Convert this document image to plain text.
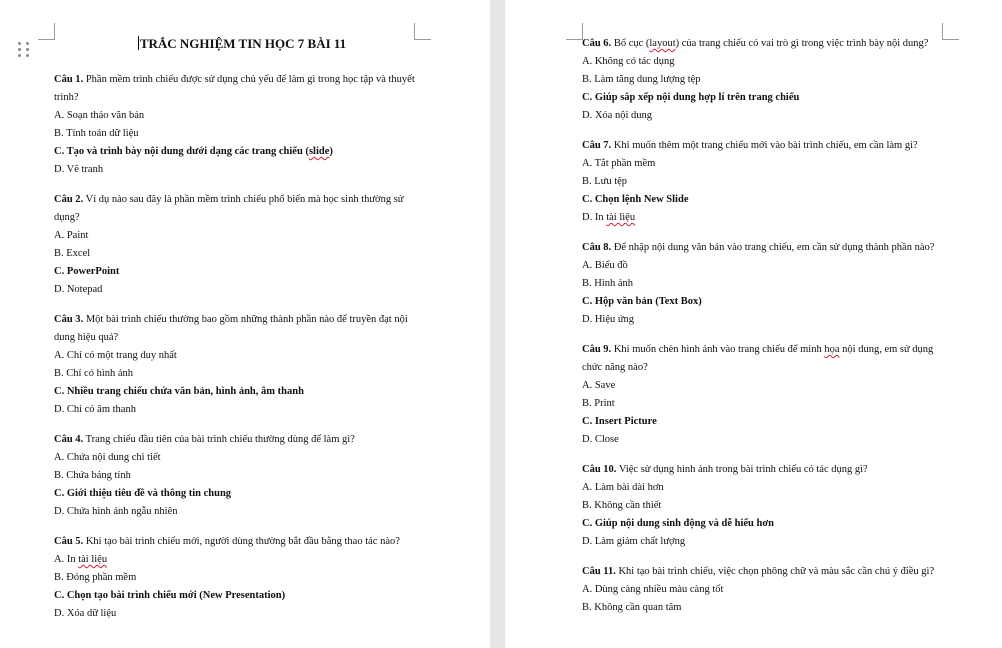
TRẮC NGHIỆM TIN HỌC 7 BÀI 11
Câu 1. Phần mềm trình chiếu được sử dụng chủ yếu để làm gì trong học tập và thuyết trình?
A. Soạn thảo văn bản
B. Tính toán dữ liệu
C. Tạo và trình bày nội dung dưới dạng các trang chiếu (slide)
D. Vẽ tranh
Câu 2. Ví dụ nào sau đây là phần mềm trình chiếu phổ biến mà học sinh thường sử dụng?
A. Paint
B. Excel
C. PowerPoint
D. Notepad
Câu 3. Một bài trình chiếu thường bao gồm những thành phần nào để truyền đạt nội dung hiệu quả?
A. Chỉ có một trang duy nhất
B. Chỉ có hình ảnh
C. Nhiều trang chiếu chứa văn bản, hình ảnh, âm thanh
D. Chỉ có âm thanh
Câu 4. Trang chiếu đầu tiên của bài trình chiếu thường dùng để làm gì?
A. Chứa nội dung chi tiết
B. Chứa bảng tính
C. Giới thiệu tiêu đề và thông tin chung
D. Chứa hình ảnh ngẫu nhiên
Câu 5. Khi tạo bài trình chiếu mới, người dùng thường bắt đầu bằng thao tác nào?
A. In tài liệu
B. Đóng phần mềm
C. Chọn tạo bài trình chiếu mới (New Presentation)
D. Xóa dữ liệu
Câu 6. Bố cục (layout) của trang chiếu có vai trò gì trong việc trình bày nội dung?
A. Không có tác dụng
B. Làm tăng dung lượng tệp
C. Giúp sắp xếp nội dung hợp lí trên trang chiếu
D. Xóa nội dung
Câu 7. Khi muốn thêm một trang chiếu mới vào bài trình chiếu, em cần làm gì?
A. Tắt phần mềm
B. Lưu tệp
C. Chọn lệnh New Slide
D. In tài liệu
Câu 8. Để nhập nội dung văn bản vào trang chiếu, em cần sử dụng thành phần nào?
A. Biểu đồ
B. Hình ảnh
C. Hộp văn bản (Text Box)
D. Hiệu ứng
Câu 9. Khi muốn chèn hình ảnh vào trang chiếu để minh họa nội dung, em sử dụng chức năng nào?
A. Save
B. Print
C. Insert Picture
D. Close
Câu 10. Việc sử dụng hình ảnh trong bài trình chiếu có tác dụng gì?
A. Làm bài dài hơn
B. Không cần thiết
C. Giúp nội dung sinh động và dễ hiểu hơn
D. Làm giảm chất lượng
Câu 11. Khi tạo bài trình chiếu, việc chọn phông chữ và màu sắc cần chú ý điều gì?
A. Dùng càng nhiều màu càng tốt
B. Không cần quan tâm
